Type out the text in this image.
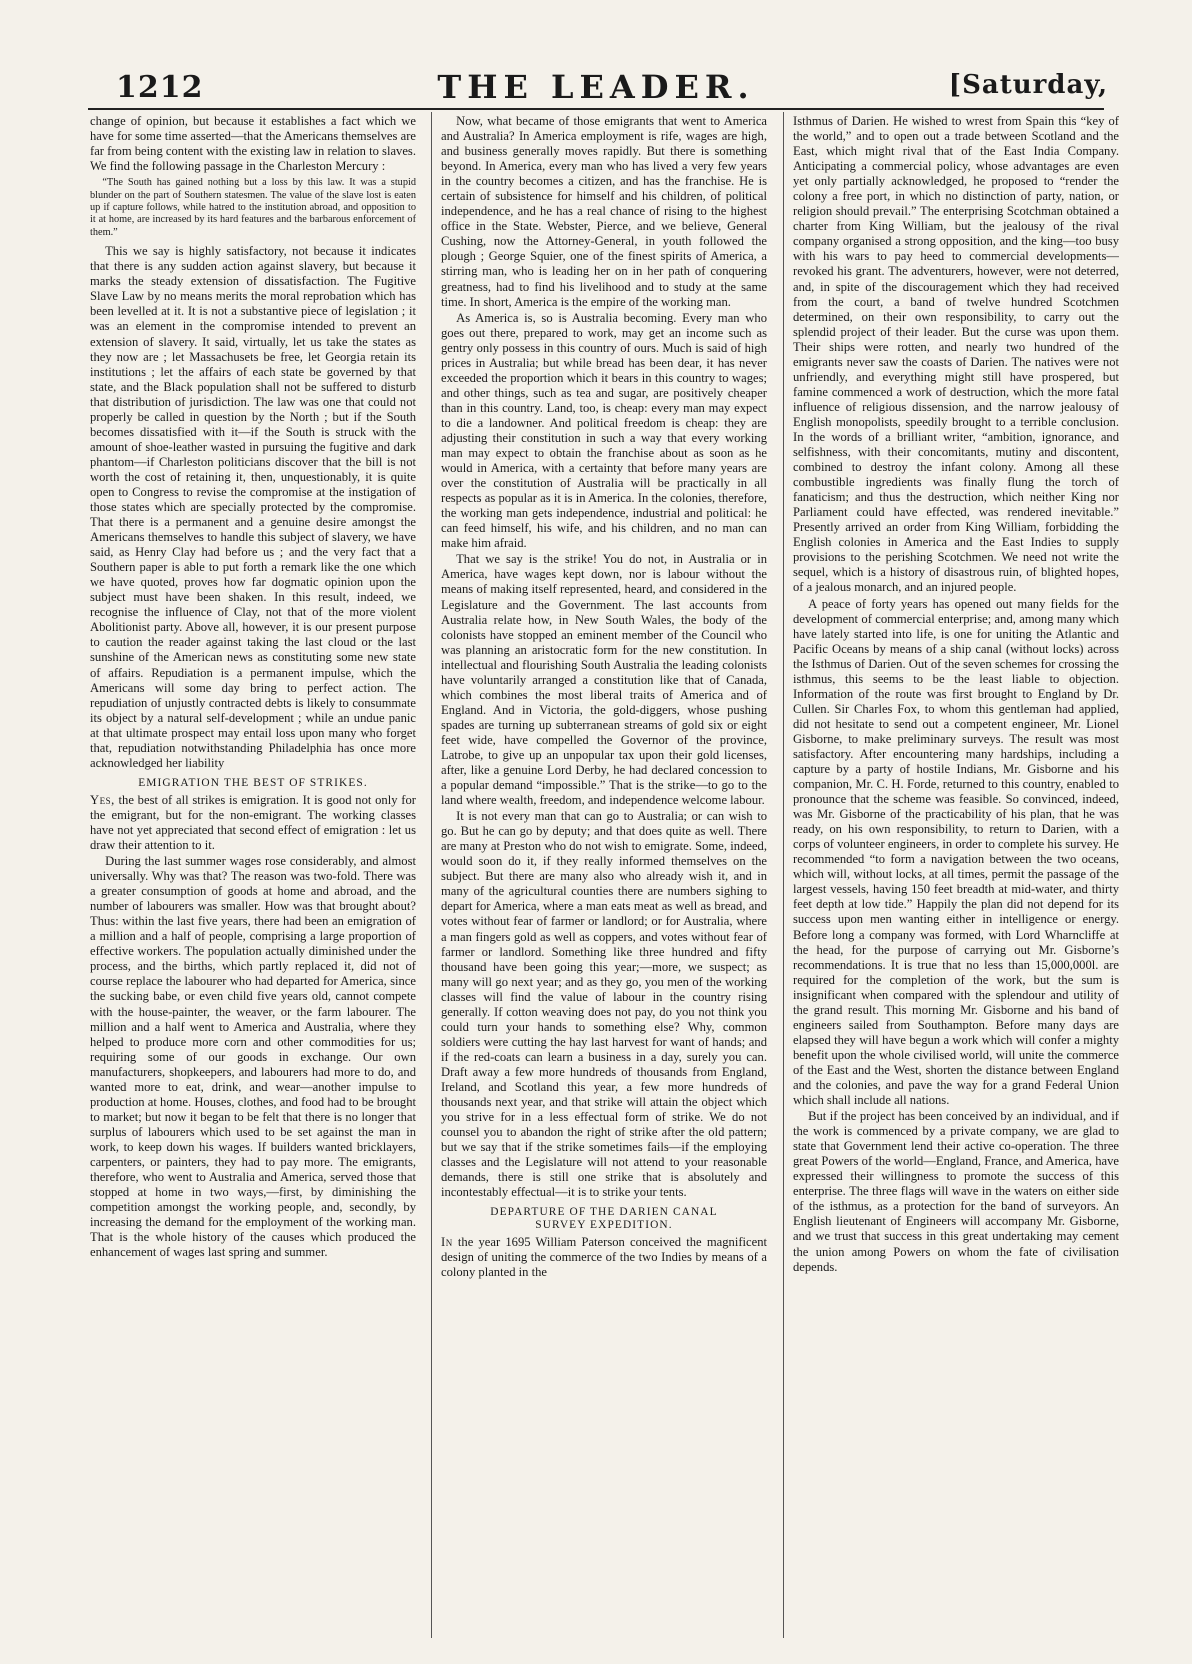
1212	THE LEADER.	[Saturday,

change of opinion, but because it establishes a fact which we have for some time asserted—that the Americans themselves are far from being content with the existing law in relation to slaves. We find the following passage in the Charleston Mercury :

“The South has gained nothing but a loss by this law. It was a stupid blunder on the part of Southern statesmen. The value of the slave lost is eaten up if capture follows, while hatred to the institution abroad, and opposition to it at home, are increased by its hard features and the barbarous enforcement of them.”

This we say is highly satisfactory, not because it indicates that there is any sudden action against slavery, but because it marks the steady extension of dissatisfaction. The Fugitive Slave Law by no means merits the moral reprobation which has been levelled at it. It is not a substantive piece of legislation ; it was an element in the compromise intended to prevent an extension of slavery. It said, virtually, let us take the states as they now are ; let Massachusets be free, let Georgia retain its institutions ; let the affairs of each state be governed by that state, and the Black population shall not be suffered to disturb that distribution of jurisdiction. The law was one that could not properly be called in question by the North ; but if the South becomes dissatisfied with it—if the South is struck with the amount of shoe-leather wasted in pursuing the fugitive and dark phantom—if Charleston politicians discover that the bill is not worth the cost of retaining it, then, unquestionably, it is quite open to Congress to revise the compromise at the instigation of those states which are specially protected by the compromise. That there is a permanent and a genuine desire amongst the Americans themselves to handle this subject of slavery, we have said, as Henry Clay had before us ; and the very fact that a Southern paper is able to put forth a remark like the one which we have quoted, proves how far dogmatic opinion upon the subject must have been shaken. In this result, indeed, we recognise the influence of Clay, not that of the more violent Abolitionist party. Above all, however, it is our present purpose to caution the reader against taking the last cloud or the last sunshine of the American news as constituting some new state of affairs. Repudiation is a permanent impulse, which the Americans will some day bring to perfect action. The repudiation of unjustly contracted debts is likely to consummate its object by a natural self-development ; while an undue panic at that ultimate prospect may entail loss upon many who forget that, repudiation notwithstanding Philadelphia has once more acknowledged her liability

EMIGRATION THE BEST OF STRIKES.

Yes, the best of all strikes is emigration. It is good not only for the emigrant, but for the non-emigrant. The working classes have not yet appreciated that second effect of emigration : let us draw their attention to it.

During the last summer wages rose considerably, and almost universally. Why was that? The reason was two-fold. There was a greater consumption of goods at home and abroad, and the number of labourers was smaller. How was that brought about? Thus: within the last five years, there had been an emigration of a million and a half of people, comprising a large proportion of effective workers. The population actually diminished under the process, and the births, which partly replaced it, did not of course replace the labourer who had departed for America, since the sucking babe, or even child five years old, cannot compete with the house-painter, the weaver, or the farm labourer. The million and a half went to America and Australia, where they helped to produce more corn and other commodities for us; requiring some of our goods in exchange. Our own manufacturers, shopkeepers, and labourers had more to do, and wanted more to eat, drink, and wear—another impulse to production at home. Houses, clothes, and food had to be brought to market; but now it began to be felt that there is no longer that surplus of labourers which used to be set against the man in work, to keep down his wages. If builders wanted bricklayers, carpenters, or painters, they had to pay more. The emigrants, therefore, who went to Australia and America, served those that stopped at home in two ways,—first, by diminishing the competition amongst the working people, and, secondly, by increasing the demand for the employment of the working man. That is the whole history of the causes which produced the enhancement of wages last spring and summer.

Now, what became of those emigrants that went to America and Australia? In America employment is rife, wages are high, and business generally moves rapidly. But there is something beyond. In America, every man who has lived a very few years in the country becomes a citizen, and has the franchise. He is certain of subsistence for himself and his children, of political independence, and he has a real chance of rising to the highest office in the State. Webster, Pierce, and we believe, General Cushing, now the Attorney-General, in youth followed the plough ; George Squier, one of the finest spirits of America, a stirring man, who is leading her on in her path of conquering greatness, had to find his livelihood and to study at the same time. In short, America is the empire of the working man.

As America is, so is Australia becoming. Every man who goes out there, prepared to work, may get an income such as gentry only possess in this country of ours. Much is said of high prices in Australia; but while bread has been dear, it has never exceeded the proportion which it bears in this country to wages; and other things, such as tea and sugar, are positively cheaper than in this country. Land, too, is cheap: every man may expect to die a landowner. And political freedom is cheap: they are adjusting their constitution in such a way that every working man may expect to obtain the franchise about as soon as he would in America, with a certainty that before many years are over the constitution of Australia will be practically in all respects as popular as it is in America. In the colonies, therefore, the working man gets independence, industrial and political: he can feed himself, his wife, and his children, and no man can make him afraid.

That we say is the strike! You do not, in Australia or in America, have wages kept down, nor is labour without the means of making itself represented, heard, and considered in the Legislature and the Government. The last accounts from Australia relate how, in New South Wales, the body of the colonists have stopped an eminent member of the Council who was planning an aristocratic form for the new constitution. In intellectual and flourishing South Australia the leading colonists have voluntarily arranged a constitution like that of Canada, which combines the most liberal traits of America and of England. And in Victoria, the gold-diggers, whose pushing spades are turning up subterranean streams of gold six or eight feet wide, have compelled the Governor of the province, Latrobe, to give up an unpopular tax upon their gold licenses, after, like a genuine Lord Derby, he had declared concession to a popular demand “impossible.” That is the strike—to go to the land where wealth, freedom, and independence welcome labour.

It is not every man that can go to Australia; or can wish to go. But he can go by deputy; and that does quite as well. There are many at Preston who do not wish to emigrate. Some, indeed, would soon do it, if they really informed themselves on the subject. But there are many also who already wish it, and in many of the agricultural counties there are numbers sighing to depart for America, where a man eats meat as well as bread, and votes without fear of farmer or landlord; or for Australia, where a man fingers gold as well as coppers, and votes without fear of farmer or landlord. Something like three hundred and fifty thousand have been going this year;—more, we suspect; as many will go next year; and as they go, you men of the working classes will find the value of labour in the country rising generally. If cotton weaving does not pay, do you not think you could turn your hands to something else? Why, common soldiers were cutting the hay last harvest for want of hands; and if the red-coats can learn a business in a day, surely you can. Draft away a few more hundreds of thousands from England, Ireland, and Scotland this year, a few more hundreds of thousands next year, and that strike will attain the object which you strive for in a less effectual form of strike. We do not counsel you to abandon the right of strike after the old pattern; but we say that if the strike sometimes fails—if the employing classes and the Legislature will not attend to your reasonable demands, there is still one strike that is absolutely and incontestably effectual—it is to strike your tents.

DEPARTURE OF THE DARIEN CANAL
SURVEY EXPEDITION.

In the year 1695 William Paterson conceived the magnificent design of uniting the commerce of the two Indies by means of a colony planted in the

Isthmus of Darien. He wished to wrest from Spain this “key of the world,” and to open out a trade between Scotland and the East, which might rival that of the East India Company. Anticipating a commercial policy, whose advantages are even yet only partially acknowledged, he proposed to “render the colony a free port, in which no distinction of party, nation, or religion should prevail.” The enterprising Scotchman obtained a charter from King William, but the jealousy of the rival company organised a strong opposition, and the king—too busy with his wars to pay heed to commercial developments—revoked his grant. The adventurers, however, were not deterred, and, in spite of the discouragement which they had received from the court, a band of twelve hundred Scotchmen determined, on their own responsibility, to carry out the splendid project of their leader. But the curse was upon them. Their ships were rotten, and nearly two hundred of the emigrants never saw the coasts of Darien. The natives were not unfriendly, and everything might still have prospered, but famine commenced a work of destruction, which the more fatal influence of religious dissension, and the narrow jealousy of English monopolists, speedily brought to a terrible conclusion. In the words of a brilliant writer, “ambition, ignorance, and selfishness, with their concomitants, mutiny and discontent, combined to destroy the infant colony. Among all these combustible ingredients was finally flung the torch of fanaticism; and thus the destruction, which neither King nor Parliament could have effected, was rendered inevitable.” Presently arrived an order from King William, forbidding the English colonies in America and the East Indies to supply provisions to the perishing Scotchmen. We need not write the sequel, which is a history of disastrous ruin, of blighted hopes, of a jealous monarch, and an injured people.

A peace of forty years has opened out many fields for the development of commercial enterprise; and, among many which have lately started into life, is one for uniting the Atlantic and Pacific Oceans by means of a ship canal (without locks) across the Isthmus of Darien. Out of the seven schemes for crossing the isthmus, this seems to be the least liable to objection. Information of the route was first brought to England by Dr. Cullen. Sir Charles Fox, to whom this gentleman had applied, did not hesitate to send out a competent engineer, Mr. Lionel Gisborne, to make preliminary surveys. The result was most satisfactory. After encountering many hardships, including a capture by a party of hostile Indians, Mr. Gisborne and his companion, Mr. C. H. Forde, returned to this country, enabled to pronounce that the scheme was feasible. So convinced, indeed, was Mr. Gisborne of the practicability of his plan, that he was ready, on his own responsibility, to return to Darien, with a corps of volunteer engineers, in order to complete his survey. He recommended “to form a navigation between the two oceans, which will, without locks, at all times, permit the passage of the largest vessels, having 150 feet breadth at mid-water, and thirty feet depth at low tide.” Happily the plan did not depend for its success upon men wanting either in intelligence or energy. Before long a company was formed, with Lord Wharncliffe at the head, for the purpose of carrying out Mr. Gisborne’s recommendations. It is true that no less than 15,000,000l. are required for the completion of the work, but the sum is insignificant when compared with the splendour and utility of the grand result. This morning Mr. Gisborne and his band of engineers sailed from Southampton. Before many days are elapsed they will have begun a work which will confer a mighty benefit upon the whole civilised world, will unite the commerce of the East and the West, shorten the distance between England and the colonies, and pave the way for a grand Federal Union which shall include all nations.

But if the project has been conceived by an individual, and if the work is commenced by a private company, we are glad to state that Government lend their active co-operation. The three great Powers of the world—England, France, and America, have expressed their willingness to promote the success of this enterprise. The three flags will wave in the waters on either side of the isthmus, as a protection for the band of surveyors. An English lieutenant of Engineers will accompany Mr. Gisborne, and we trust that success in this great undertaking may cement the union among Powers on whom the fate of civilisation depends.
